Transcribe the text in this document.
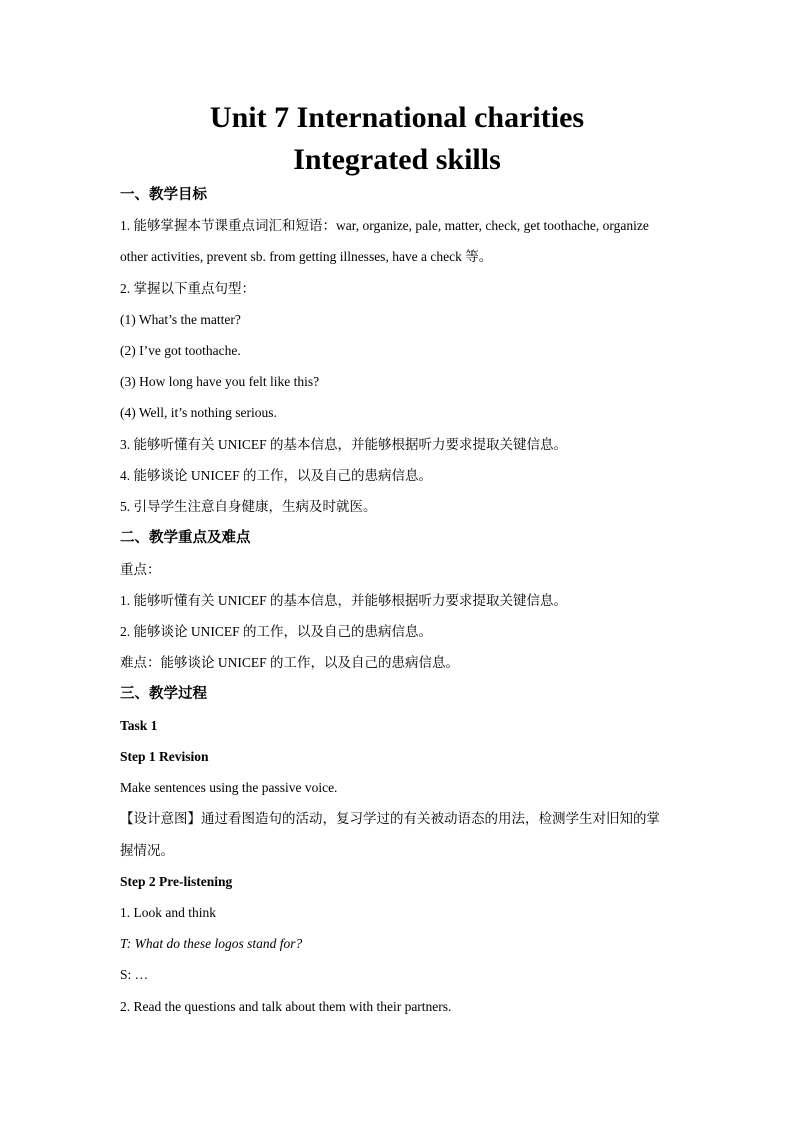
Unit 7 International charities
Integrated skills
一、教学目标
1. 能够掌握本节课重点词汇和短语：war, organize, pale, matter, check, get toothache, organize
other activities, prevent sb. from getting illnesses, have a check 等。
2. 掌握以下重点句型：
(1) What’s the matter?
(2) I’ve got toothache.
(3) How long have you felt like this?
(4) Well, it’s nothing serious.
3. 能够听懂有关 UNICEF 的基本信息，并能够根据听力要求提取关键信息。
4. 能够谈论 UNICEF 的工作，以及自己的患病信息。
5. 引导学生注意自身健康，生病及时就医。
二、教学重点及难点
重点：
1. 能够听懂有关 UNICEF 的基本信息，并能够根据听力要求提取关键信息。
2. 能够谈论 UNICEF 的工作，以及自己的患病信息。
难点：能够谈论 UNICEF 的工作，以及自己的患病信息。
三、教学过程
Task 1
Step 1 Revision
Make sentences using the passive voice.
【设计意图】通过看图造句的活动，复习学过的有关被动语态的用法，检测学生对旧知的掌
握情况。
Step 2 Pre-listening
1. Look and think
T: What do these logos stand for?
S: …
2. Read the questions and talk about them with their partners.
